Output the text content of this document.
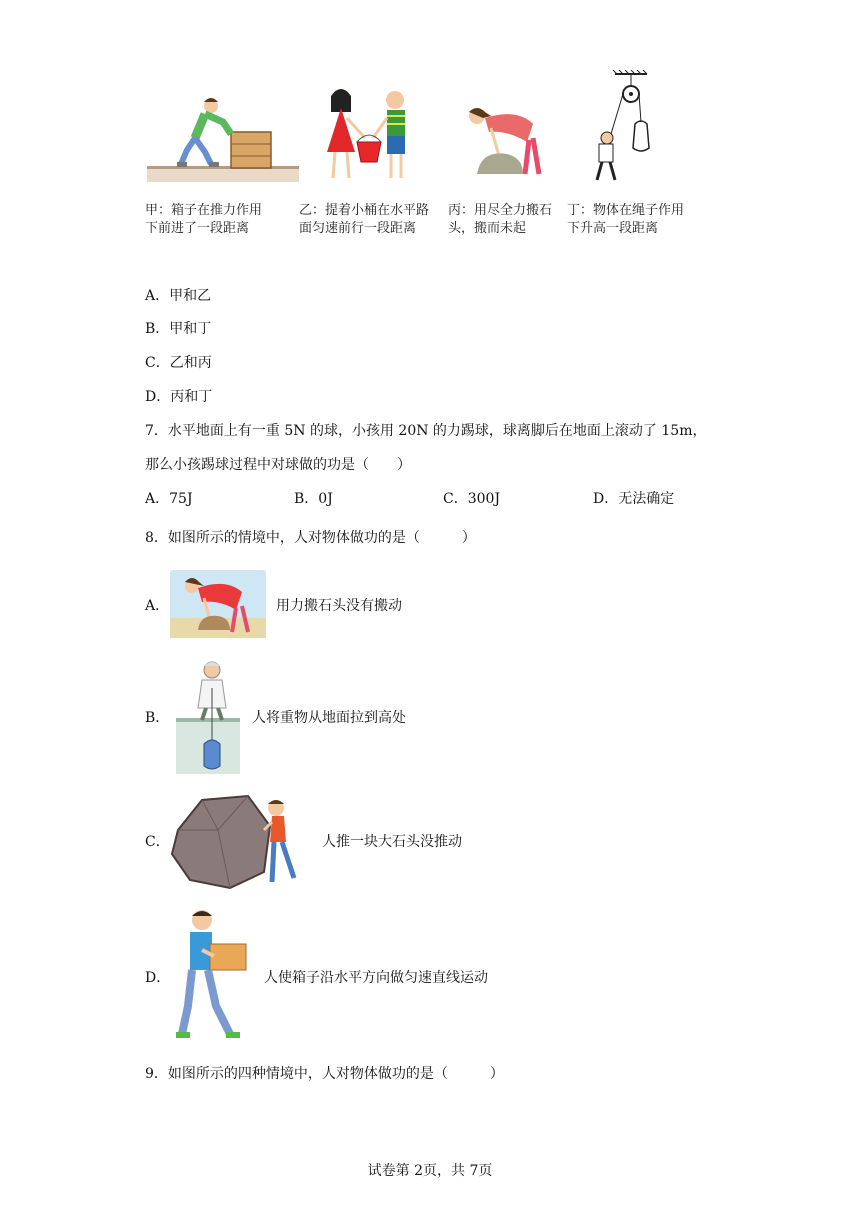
甲：箱子在推力作用
下前进了一段距离
乙：提着小桶在水平路
面匀速前行一段距离
丙：用尽全力搬石
头，搬而未起
丁：物体在绳子作用
下升高一段距离
A．甲和乙
B．甲和丁
C．乙和丙
D．丙和丁
7．水平地面上有一重 5N 的球，小孩用 20N 的力踢球，球离脚后在地面上滚动了 15m，
那么小孩踢球过程中对球做的功是（　　）
A．75J	B．0J	C．300J	D．无法确定
8．如图所示的情境中，人对物体做功的是（　　　）
A．	用力搬石头没有搬动
B．	人将重物从地面拉到高处
C．	人推一块大石头没推动
D．	人使箱子沿水平方向做匀速直线运动
9．如图所示的四种情境中，人对物体做功的是（　　　）
试卷第 2页，共 7页
